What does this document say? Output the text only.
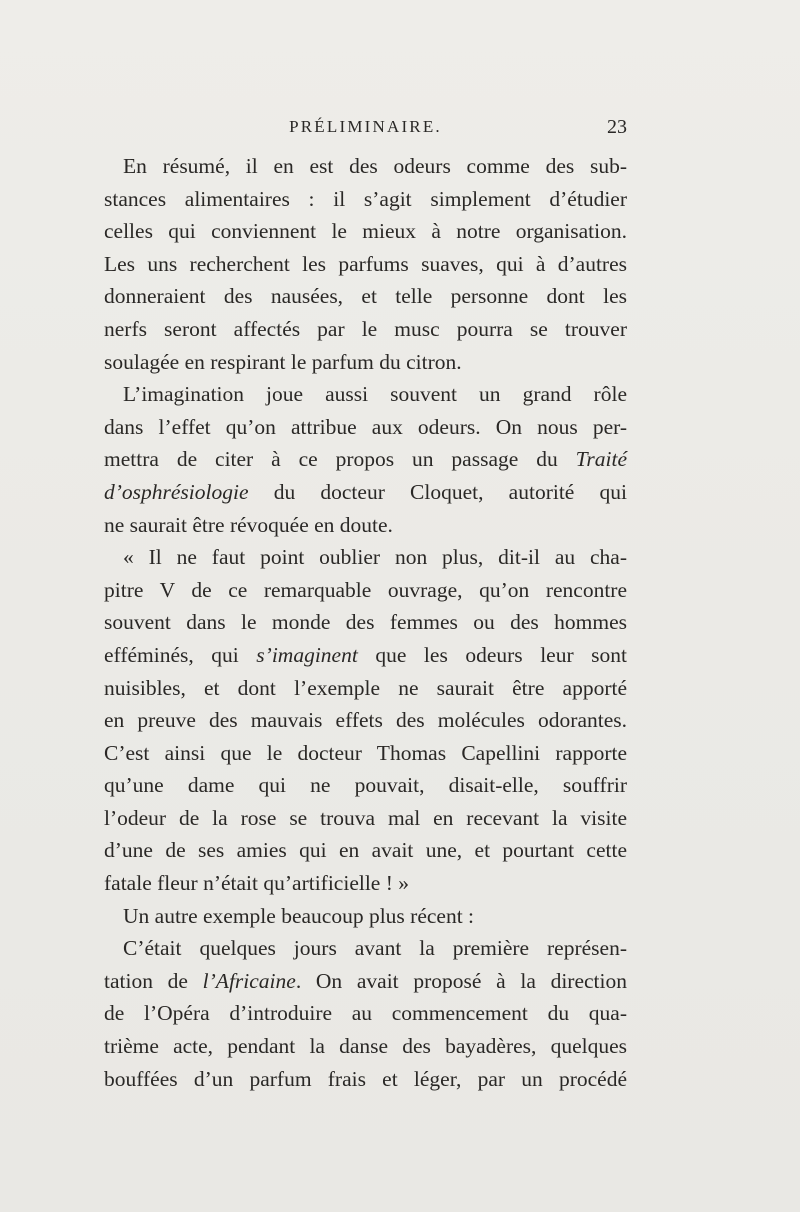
PRÉLIMINAIRE.	23
En résumé, il en est des odeurs comme des sub-
stances alimentaires : il s’agit simplement d’étudier
celles qui conviennent le mieux à notre organisation.
Les uns recherchent les parfums suaves, qui à d’autres
donneraient des nausées, et telle personne dont les
nerfs seront affectés par le musc pourra se trouver
soulagée en respirant le parfum du citron.
L’imagination joue aussi souvent un grand rôle
dans l’effet qu’on attribue aux odeurs. On nous per-
mettra de citer à ce propos un passage du Traité
d’osphrésiologie du docteur Cloquet, autorité qui
ne saurait être révoquée en doute.
« Il ne faut point oublier non plus, dit-il au cha-
pitre V de ce remarquable ouvrage, qu’on rencontre
souvent dans le monde des femmes ou des hommes
efféminés, qui s’imaginent que les odeurs leur sont
nuisibles, et dont l’exemple ne saurait être apporté
en preuve des mauvais effets des molécules odorantes.
C’est ainsi que le docteur Thomas Capellini rapporte
qu’une dame qui ne pouvait, disait-elle, souffrir
l’odeur de la rose se trouva mal en recevant la visite
d’une de ses amies qui en avait une, et pourtant cette
fatale fleur n’était qu’artificielle ! »
Un autre exemple beaucoup plus récent :
C’était quelques jours avant la première représen-
tation de l’Africaine. On avait proposé à la direction
de l’Opéra d’introduire au commencement du qua-
trième acte, pendant la danse des bayadères, quelques
bouffées d’un parfum frais et léger, par un procédé
